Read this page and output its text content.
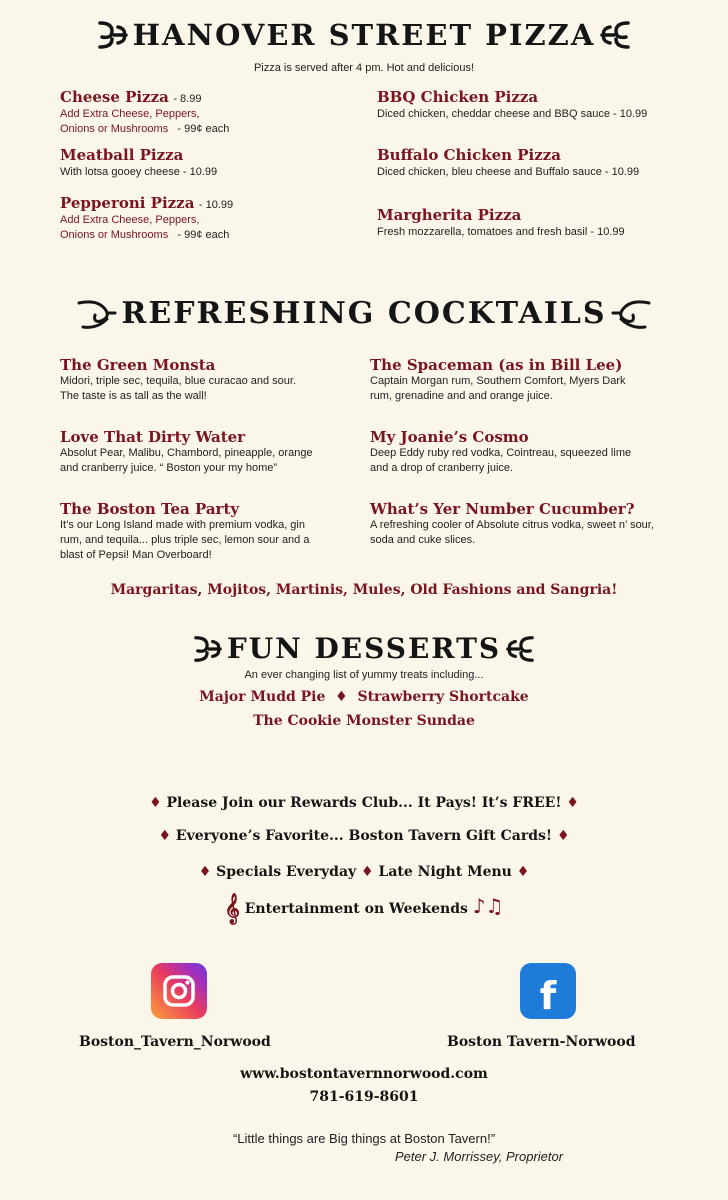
HANOVER STREET PIZZA
Pizza is served after 4 pm. Hot and delicious!
Cheese Pizza - 8.99
Add Extra Cheese, Peppers,
Onions or Mushrooms - 99¢ each
Meatball Pizza
With lotsa gooey cheese - 10.99
Pepperoni Pizza - 10.99
Add Extra Cheese, Peppers,
Onions or Mushrooms - 99¢ each
BBQ Chicken Pizza
Diced chicken, cheddar cheese and BBQ sauce - 10.99
Buffalo Chicken Pizza
Diced chicken, bleu cheese and Buffalo sauce - 10.99
Margherita Pizza
Fresh mozzarella, tomatoes and fresh basil - 10.99
REFRESHING COCKTAILS
The Green Monsta
Midori, triple sec, tequila, blue curacao and sour.
The taste is as tall as the wall!
Love That Dirty Water
Absolut Pear, Malibu, Chambord, pineapple, orange
and cranberry juice. “ Boston your my home”
The Boston Tea Party
It’s our Long Island made with premium vodka, gin
rum, and tequila... plus triple sec, lemon sour and a
blast of Pepsi! Man Overboard!
The Spaceman (as in Bill Lee)
Captain Morgan rum, Southern Comfort, Myers Dark
rum, grenadine and and orange juice.
My Joanie’s Cosmo
Deep Eddy ruby red vodka, Cointreau, squeezed lime
and a drop of cranberry juice.
What’s Yer Number Cucumber?
A refreshing cooler of Absolute citrus vodka, sweet n’ sour,
soda and cuke slices.
Margaritas, Mojitos, Martinis, Mules, Old Fashions and Sangria!
FUN DESSERTS
An ever changing list of yummy treats including...
Major Mudd Pie ♦ Strawberry Shortcake
The Cookie Monster Sundae
♦ Please Join our Rewards Club... It Pays! It’s FREE! ♦
♦ Everyone’s Favorite... Boston Tavern Gift Cards! ♦
♦ Specials Everyday ♦ Late Night Menu ♦
𝄞 Entertainment on Weekends ♪♫
f
Boston_Tavern_Norwood	Boston Tavern-Norwood
www.bostontavernnorwood.com
781-619-8601
“Little things are Big things at Boston Tavern!”
Peter J. Morrissey, Proprietor
